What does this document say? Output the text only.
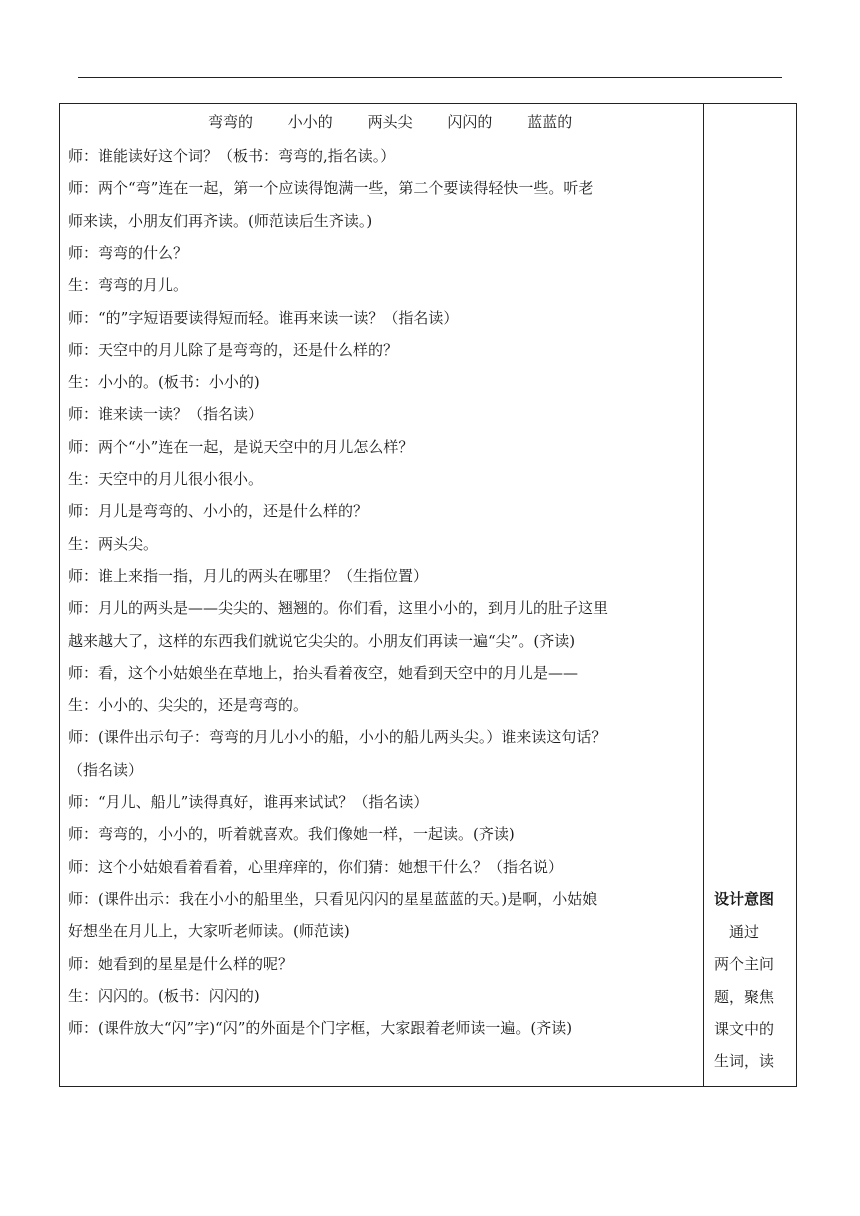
弯弯的 小小的 两头尖 闪闪的 蓝蓝的
师：谁能读好这个词？（板书：弯弯的,指名读。）
师：两个“弯”连在一起，第一个应读得饱满一些，第二个要读得轻快一些。听老
师来读，小朋友们再齐读。(师范读后生齐读。)
师：弯弯的什么？
生：弯弯的月儿。
师：“的”字短语要读得短而轻。谁再来读一读？（指名读）
师：天空中的月儿除了是弯弯的，还是什么样的？
生：小小的。(板书：小小的)
师：谁来读一读？（指名读）
师：两个“小”连在一起，是说天空中的月儿怎么样？
生：天空中的月儿很小很小。
师：月儿是弯弯的、小小的，还是什么样的？
生：两头尖。
师：谁上来指一指，月儿的两头在哪里？（生指位置）
师：月儿的两头是——尖尖的、翘翘的。你们看，这里小小的，到月儿的肚子这里
越来越大了，这样的东西我们就说它尖尖的。小朋友们再读一遍“尖”。(齐读)
师：看，这个小姑娘坐在草地上，抬头看着夜空，她看到天空中的月儿是——
生：小小的、尖尖的，还是弯弯的。
师：(课件出示句子：弯弯的月儿小小的船，小小的船儿两头尖。）谁来读这句话？
（指名读）
师：“月儿、船儿”读得真好，谁再来试试？（指名读）
师：弯弯的，小小的，听着就喜欢。我们像她一样，一起读。(齐读)
师：这个小姑娘看着看着，心里痒痒的，你们猜：她想干什么？（指名说）
师：(课件出示：我在小小的船里坐，只看见闪闪的星星蓝蓝的天。)是啊，小姑娘
好想坐在月儿上，大家听老师读。(师范读)
师：她看到的星星是什么样的呢？
生：闪闪的。(板书：闪闪的)
师：(课件放大“闪”字)“闪”的外面是个门字框，大家跟着老师读一遍。(齐读)
设计意图
　通过
两个主问
题，聚焦
课文中的
生词，读
